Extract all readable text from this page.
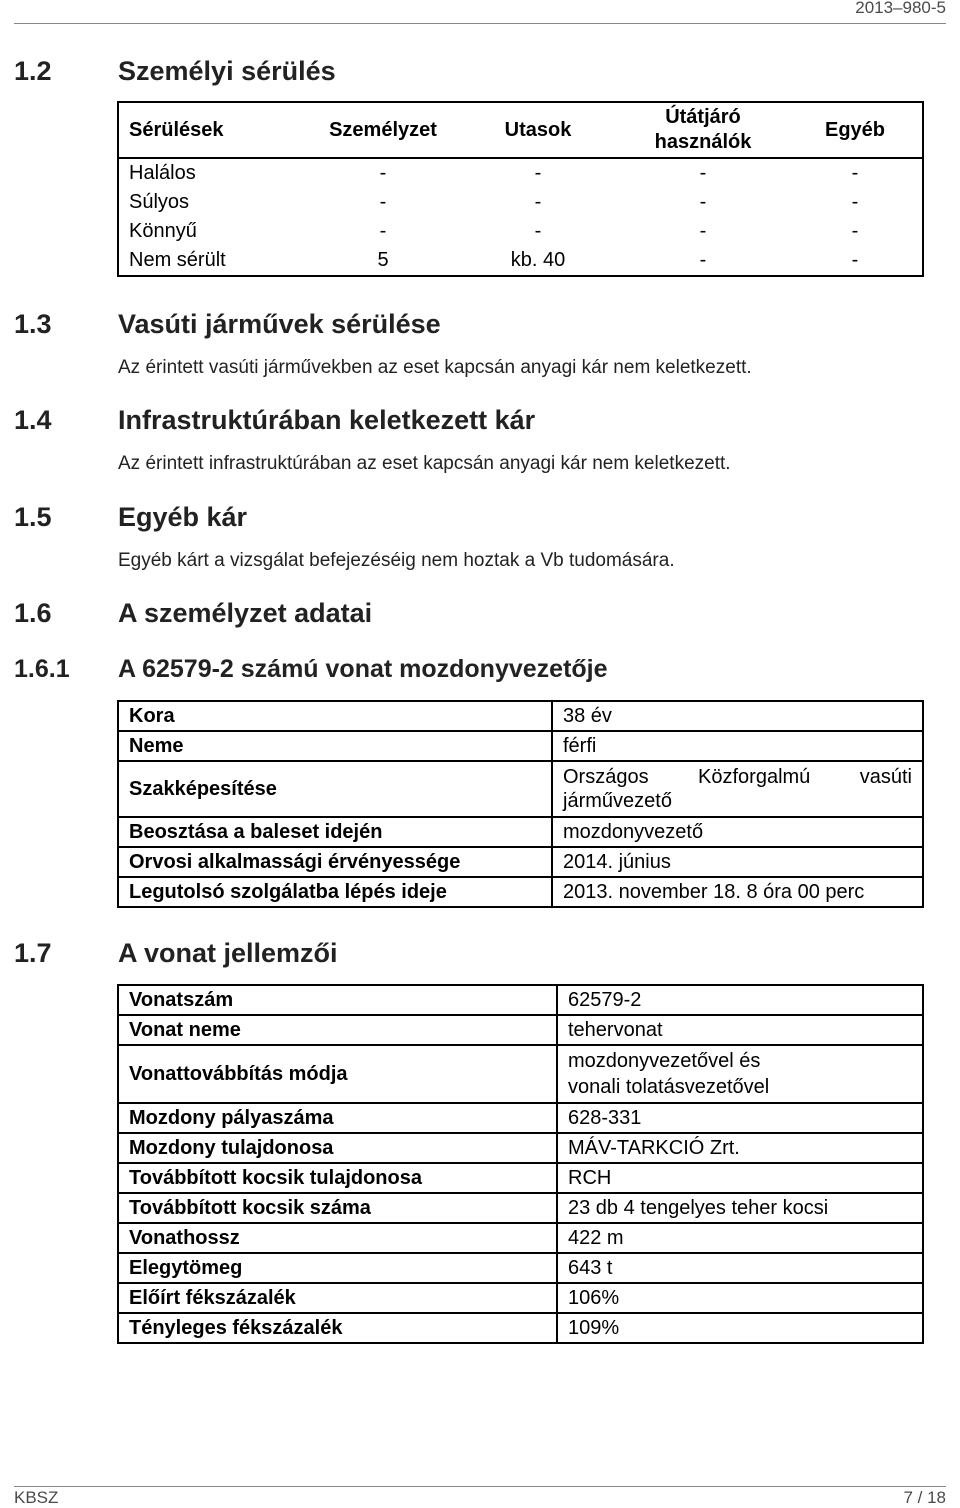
2013–980-5
1.2 Személyi sérülés
Sérülések	Személyzet	Utasok	Útátjáró használók	Egyéb
Halálos	-	-	-	-
Súlyos	-	-	-	-
Könnyű	-	-	-	-
Nem sérült	5	kb. 40	-	-
1.3 Vasúti járművek sérülése
Az érintett vasúti járművekben az eset kapcsán anyagi kár nem keletkezett.
1.4 Infrastruktúrában keletkezett kár
Az érintett infrastruktúrában az eset kapcsán anyagi kár nem keletkezett.
1.5 Egyéb kár
Egyéb kárt a vizsgálat befejezéséig nem hoztak a Vb tudomására.
1.6 A személyzet adatai
1.6.1 A 62579-2 számú vonat mozdonyvezetője
Kora	38 év
Neme	férfi
Szakképesítése	Országos Közforgalmú vasúti
járművezető

Beosztása a baleset idején	mozdonyvezető
Orvosi alkalmassági érvényessége	2014. június
Legutolsó szolgálatba lépés ideje	2013. november 18. 8 óra 00 perc
1.7 A vonat jellemzői
Vonatszám	62579-2
Vonat neme	tehervonat
Vonattovábbítás módja	mozdonyvezetővel és
vonali tolatásvezetővel

Mozdony pályaszáma	628-331
Mozdony tulajdonosa	MÁV-TARKCIÓ Zrt.
Továbbított kocsik tulajdonosa	RCH
Továbbított kocsik száma	23 db 4 tengelyes teher kocsi
Vonathossz	422 m
Elegytömeg	643 t
Előírt fékszázalék	106%
Tényleges fékszázalék	109%
KBSZ	7 / 18
